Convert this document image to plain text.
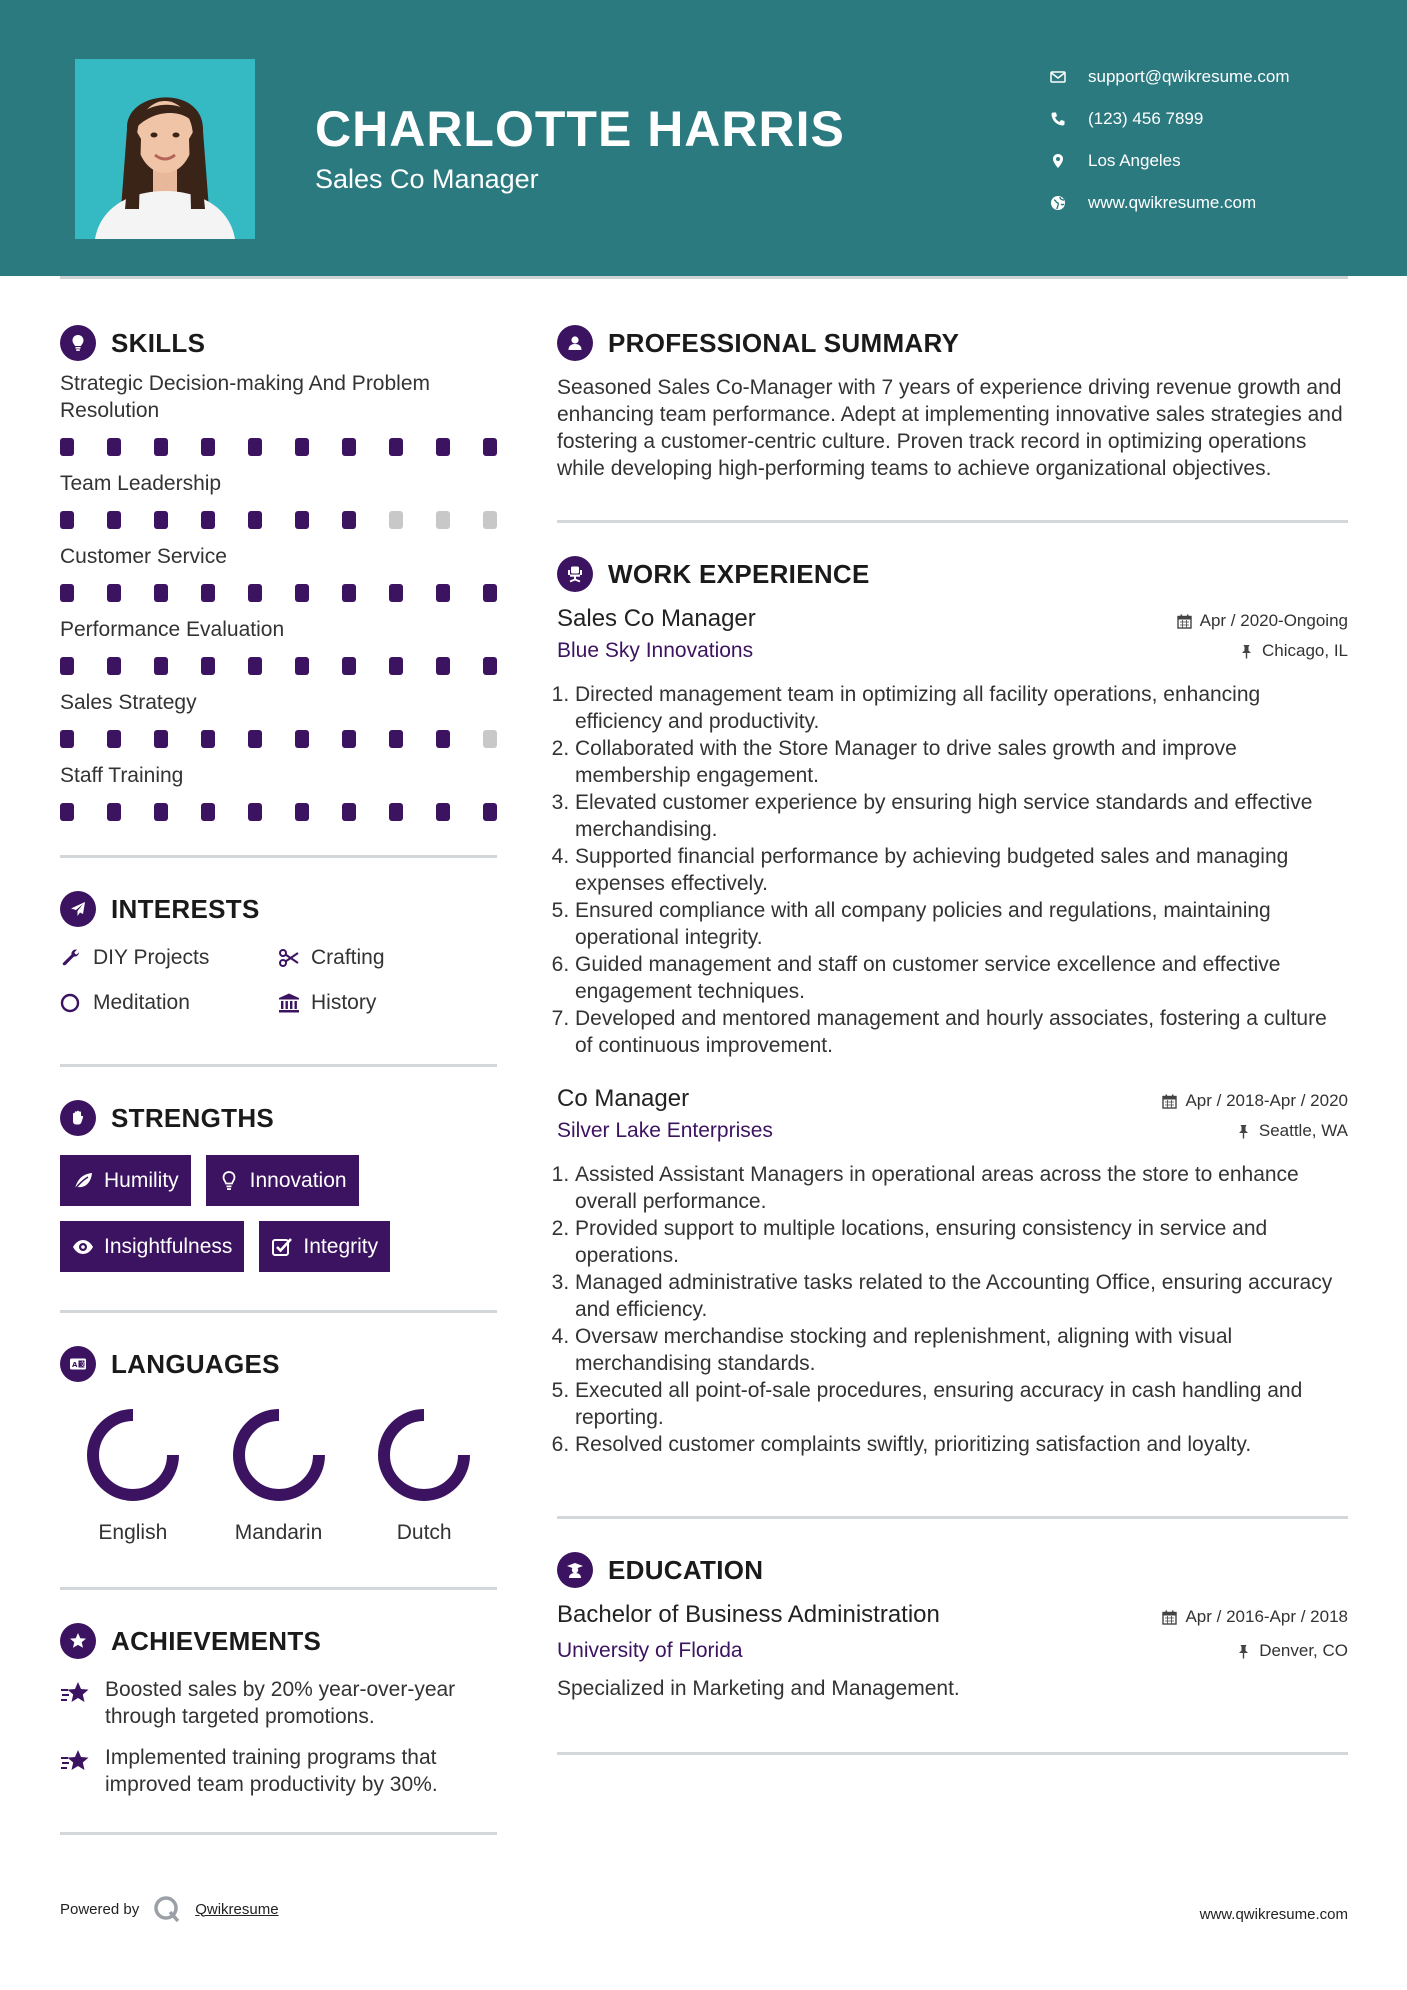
CHARLOTTE HARRIS
Sales Co Manager
support@qwikresume.com
(123) 456 7899
Los Angeles
www.qwikresume.com
SKILLS
Strategic Decision-making And Problem Resolution
Team Leadership
Customer Service
Performance Evaluation
Sales Strategy
Staff Training
INTERESTS
DIY Projects	Crafting
Meditation	History
STRENGTHS
Humility	Innovation
Insightfulness	Integrity
A 文 LANGUAGES
English	Mandarin	Dutch
ACHIEVEMENTS
Boosted sales by 20% year-over-year through targeted promotions.
Implemented training programs that improved team productivity by 30%.
PROFESSIONAL SUMMARY

Seasoned Sales Co-Manager with 7 years of experience driving revenue growth and enhancing team performance. Adept at implementing innovative sales strategies and fostering a customer-centric culture. Proven track record in optimizing operations while developing high-performing teams to achieve organizational objectives.

WORK EXPERIENCE
Sales Co Manager	Apr / 2020-Ongoing
Blue Sky Innovations	Chicago, IL
1. Directed management team in optimizing all facility operations, enhancing efficiency and productivity.
2. Collaborated with the Store Manager to drive sales growth and improve membership engagement.
3. Elevated customer experience by ensuring high service standards and effective merchandising.
4. Supported financial performance by achieving budgeted sales and managing expenses effectively.
5. Ensured compliance with all company policies and regulations, maintaining operational integrity.
6. Guided management and staff on customer service excellence and effective engagement techniques.
7. Developed and mentored management and hourly associates, fostering a culture of continuous improvement.
Co Manager	Apr / 2018-Apr / 2020
Silver Lake Enterprises	Seattle, WA
1. Assisted Assistant Managers in operational areas across the store to enhance overall performance.
2. Provided support to multiple locations, ensuring consistency in service and operations.
3. Managed administrative tasks related to the Accounting Office, ensuring accuracy and efficiency.
4. Oversaw merchandise stocking and replenishment, aligning with visual merchandising standards.
5. Executed all point-of-sale procedures, ensuring accuracy in cash handling and reporting.
6. Resolved customer complaints swiftly, prioritizing satisfaction and loyalty.
EDUCATION
Bachelor of Business Administration	Apr / 2016-Apr / 2018
University of Florida	Denver, CO

Specialized in Marketing and Management.

Powered by	Qwikresume	www.qwikresume.com
